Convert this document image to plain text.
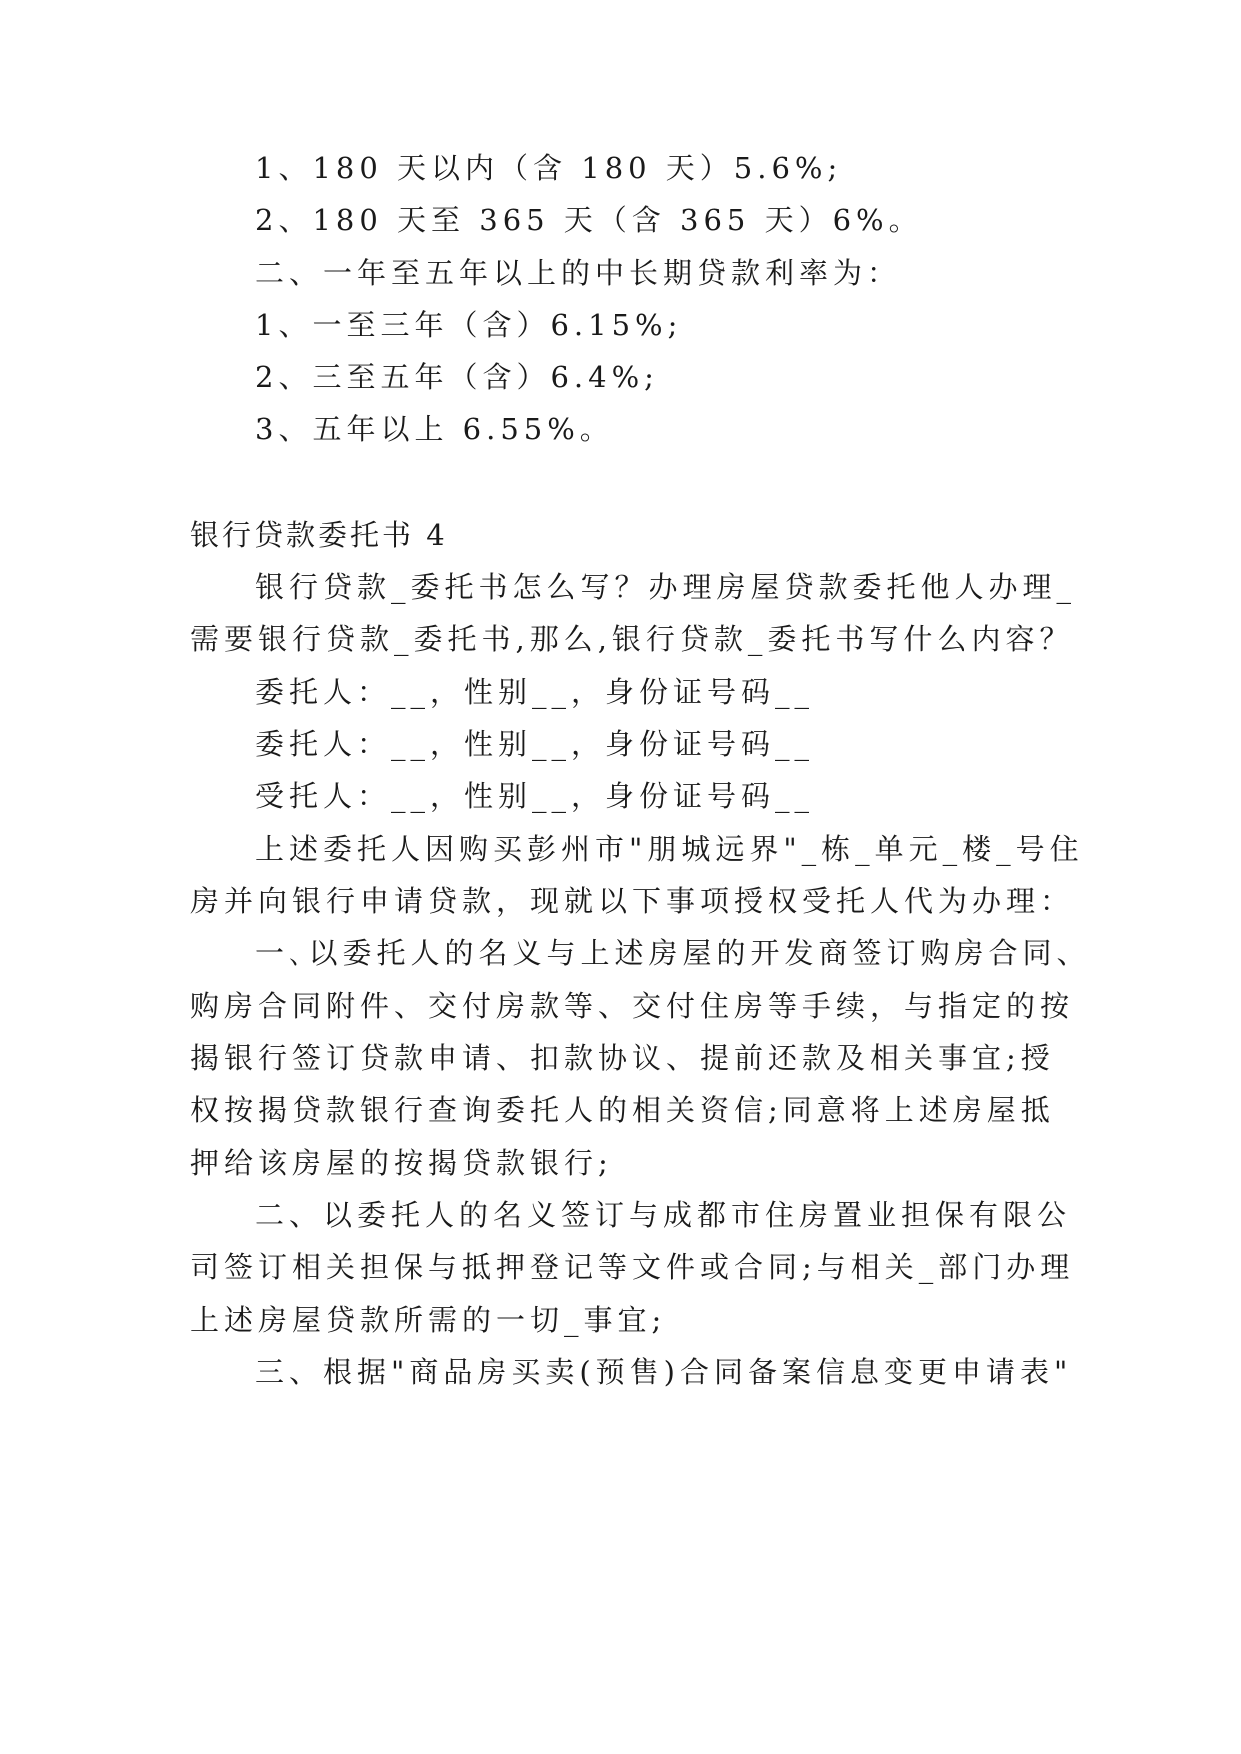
1、180 天以内（含 180 天）5.6%;
2、180 天至 365 天（含 365 天）6%。
二、一年至五年以上的中长期贷款利率为：
1、一至三年（含）6.15%;
2、三至五年（含）6.4%;
3、五年以上 6.55%。
银行贷款委托书 4
银行贷款_委托书怎么写？办理房屋贷款委托他人办理_
需要银行贷款_委托书,那么,银行贷款_委托书写什么内容？
委托人：__，性别__，身份证号码__
委托人：__，性别__，身份证号码__
受托人：__，性别__，身份证号码__
上述委托人因购买彭州市"朋城远界"_栋_单元_楼_号住
房并向银行申请贷款，现就以下事项授权受托人代为办理：
一､以委托人的名义与上述房屋的开发商签订购房合同、
购房合同附件、交付房款等、交付住房等手续，与指定的按
揭银行签订贷款申请、扣款协议、提前还款及相关事宜;授
权按揭贷款银行查询委托人的相关资信;同意将上述房屋抵
押给该房屋的按揭贷款银行;
二、以委托人的名义签订与成都市住房置业担保有限公
司签订相关担保与抵押登记等文件或合同;与相关_部门办理
上述房屋贷款所需的一切_事宜;
三、根据"商品房买卖(预售)合同备案信息变更申请表"
